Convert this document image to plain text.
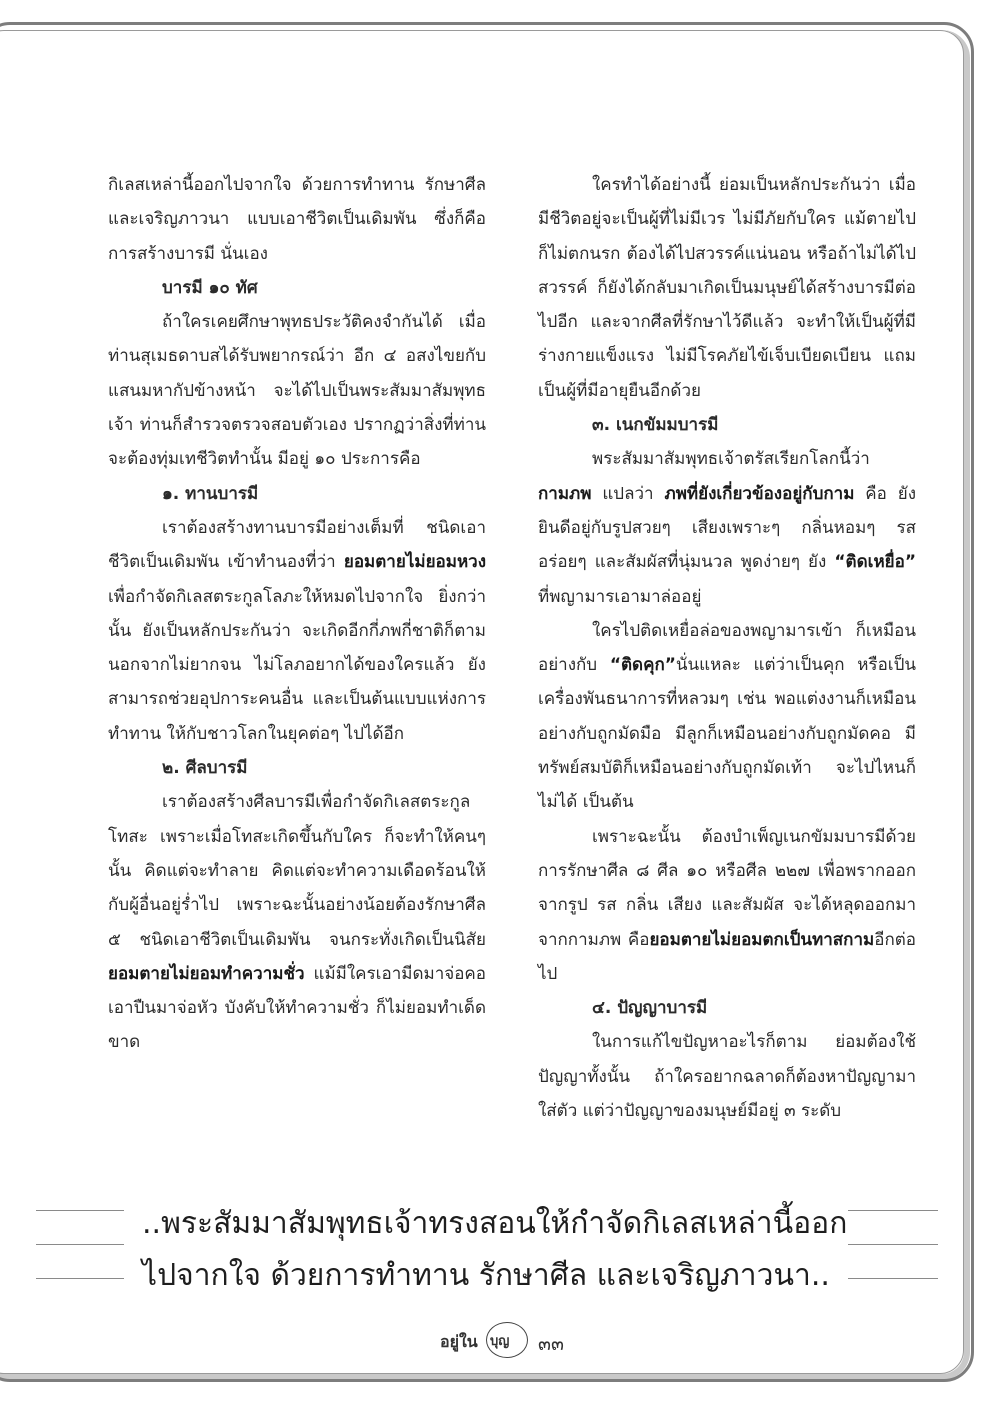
กิเลสเหล่านี้ออกไปจากใจ ด้วยการทำทาน รักษาศีล และเจริญภาวนา แบบเอาชีวิตเป็นเดิมพัน ซึ่งก็คือ การสร้างบารมี นั่นเอง

บารมี ๑๐ ทัศ

ถ้าใครเคยศึกษาพุทธประวัติคงจำกันได้ เมื่อท่านสุเมธดาบสได้รับพยากรณ์ว่า อีก ๔ อสงไขยกับแสนมหากัปข้างหน้า จะได้ไปเป็นพระสัมมาสัมพุทธเจ้า ท่านก็สำรวจตรวจสอบตัวเอง ปรากฏว่าสิ่งที่ท่านจะต้องทุ่มเทชีวิตทำนั้น มีอยู่ ๑๐ ประการคือ

๑. ทานบารมี

เราต้องสร้างทานบารมีอย่างเต็มที่ ชนิดเอาชีวิตเป็นเดิมพัน เข้าทำนองที่ว่า ยอมตายไม่ยอมหวง เพื่อกำจัดกิเลสตระกูลโลภะให้หมดไปจากใจ ยิ่งกว่านั้น ยังเป็นหลักประกันว่า จะเกิดอีกกี่ภพกี่ชาติก็ตาม นอกจากไม่ยากจน ไม่โลภอยากได้ของใครแล้ว ยังสามารถช่วยอุปการะคนอื่น และเป็นต้นแบบแห่งการทำทาน ให้กับชาวโลกในยุคต่อๆ ไปได้อีก

๒. ศีลบารมี

เราต้องสร้างศีลบารมีเพื่อกำจัดกิเลสตระกูลโทสะ เพราะเมื่อโทสะเกิดขึ้นกับใคร ก็จะทำให้คนๆ นั้น คิดแต่จะทำลาย คิดแต่จะทำความเดือดร้อนให้กับผู้อื่นอยู่ร่ำไป เพราะฉะนั้นอย่างน้อยต้องรักษาศีล ๕ ชนิดเอาชีวิตเป็นเดิมพัน จนกระทั่งเกิดเป็นนิสัยยอมตายไม่ยอมทำความชั่ว แม้มีใครเอามีดมาจ่อคอ เอาปืนมาจ่อหัว บังคับให้ทำความชั่ว ก็ไม่ยอมทำเด็ดขาด

ใครทำได้อย่างนี้ ย่อมเป็นหลักประกันว่า เมื่อมีชีวิตอยู่จะเป็นผู้ที่ไม่มีเวร ไม่มีภัยกับใคร แม้ตายไปก็ไม่ตกนรก ต้องได้ไปสวรรค์แน่นอน หรือถ้าไม่ได้ไปสวรรค์ ก็ยังได้กลับมาเกิดเป็นมนุษย์ได้สร้างบารมีต่อไปอีก และจากศีลที่รักษาไว้ดีแล้ว จะทำให้เป็นผู้ที่มีร่างกายแข็งแรง ไม่มีโรคภัยไข้เจ็บเบียดเบียน แถมเป็นผู้ที่มีอายุยืนอีกด้วย

๓. เนกขัมมบารมี

พระสัมมาสัมพุทธเจ้าตรัสเรียกโลกนี้ว่า กามภพ แปลว่า ภพที่ยังเกี่ยวข้องอยู่กับกาม คือ ยังยินดีอยู่กับรูปสวยๆ เสียงเพราะๆ กลิ่นหอมๆ รสอร่อยๆ และสัมผัสที่นุ่มนวล พูดง่ายๆ ยัง “ติดเหยื่อ” ที่พญามารเอามาล่ออยู่

ใครไปติดเหยื่อล่อของพญามารเข้า ก็เหมือนอย่างกับ “ติดคุก”นั่นแหละ แต่ว่าเป็นคุก หรือเป็นเครื่องพันธนาการที่หลวมๆ เช่น พอแต่งงานก็เหมือนอย่างกับถูกมัดมือ มีลูกก็เหมือนอย่างกับถูกมัดคอ มีทรัพย์สมบัติก็เหมือนอย่างกับถูกมัดเท้า จะไปไหนก็ไม่ได้ เป็นต้น

เพราะฉะนั้น ต้องบำเพ็ญเนกขัมมบารมีด้วยการรักษาศีล ๘ ศีล ๑๐ หรือศีล ๒๒๗ เพื่อพรากออกจากรูป รส กลิ่น เสียง และสัมผัส จะได้หลุดออกมาจากกามภพ คือยอมตายไม่ยอมตกเป็นทาสกามอีกต่อไป

๔. ปัญญาบารมี

ในการแก้ไขปัญหาอะไรก็ตาม ย่อมต้องใช้ปัญญาทั้งนั้น ถ้าใครอยากฉลาดก็ต้องหาปัญญามาใส่ตัว แต่ว่าปัญญาของมนุษย์มีอยู่ ๓ ระดับ

..พระสัมมาสัมพุทธเจ้าทรงสอนให้กำจัดกิเลสเหล่านี้ออก
ไปจากใจ ด้วยการทำทาน รักษาศีล และเจริญภาวนา..
อยู่ใน บุญ ๓๓
